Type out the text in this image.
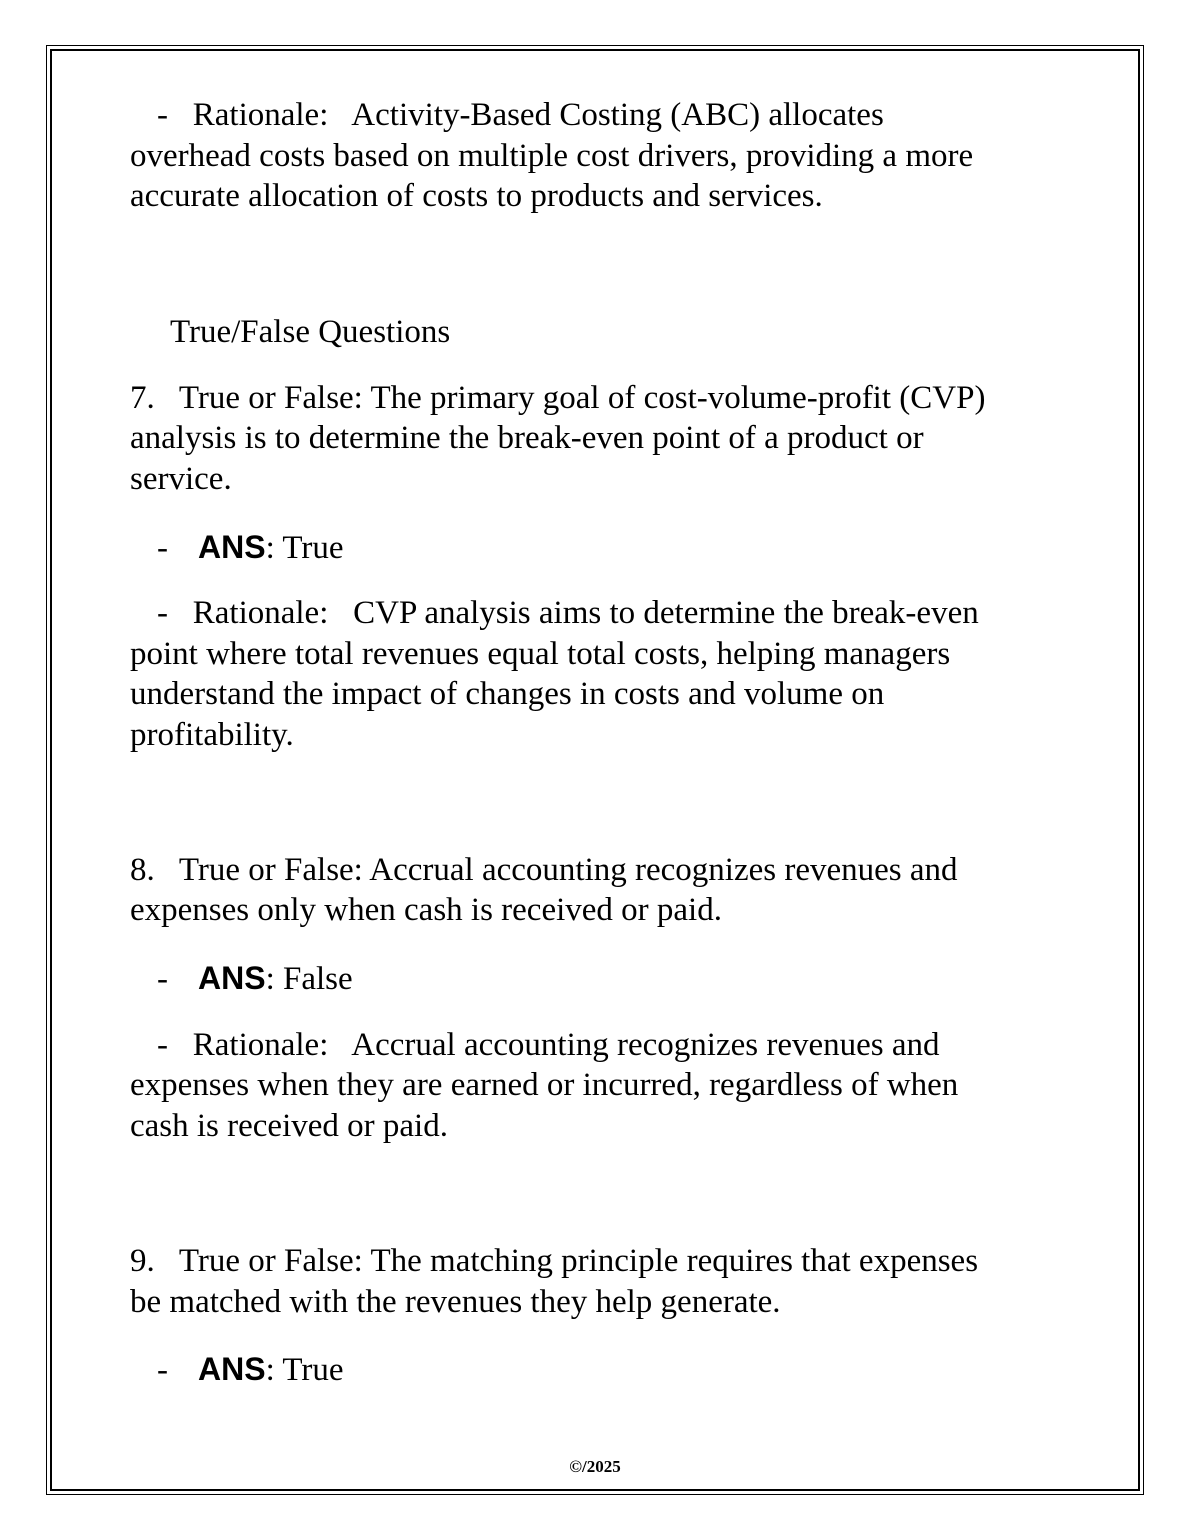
-   Rationale:   Activity-Based Costing (ABC) allocates
overhead costs based on multiple cost drivers, providing a more
accurate allocation of costs to products and services.
True/False Questions
7.   True or False: The primary goal of cost-volume-profit (CVP)
analysis is to determine the break-even point of a product or
service.
- ANS: True
-   Rationale:   CVP analysis aims to determine the break-even
point where total revenues equal total costs, helping managers
understand the impact of changes in costs and volume on
profitability.
8.   True or False: Accrual accounting recognizes revenues and
expenses only when cash is received or paid.
- ANS: False
-   Rationale:   Accrual accounting recognizes revenues and
expenses when they are earned or incurred, regardless of when
cash is received or paid.
9.   True or False: The matching principle requires that expenses
be matched with the revenues they help generate.
- ANS: True
©/2025
